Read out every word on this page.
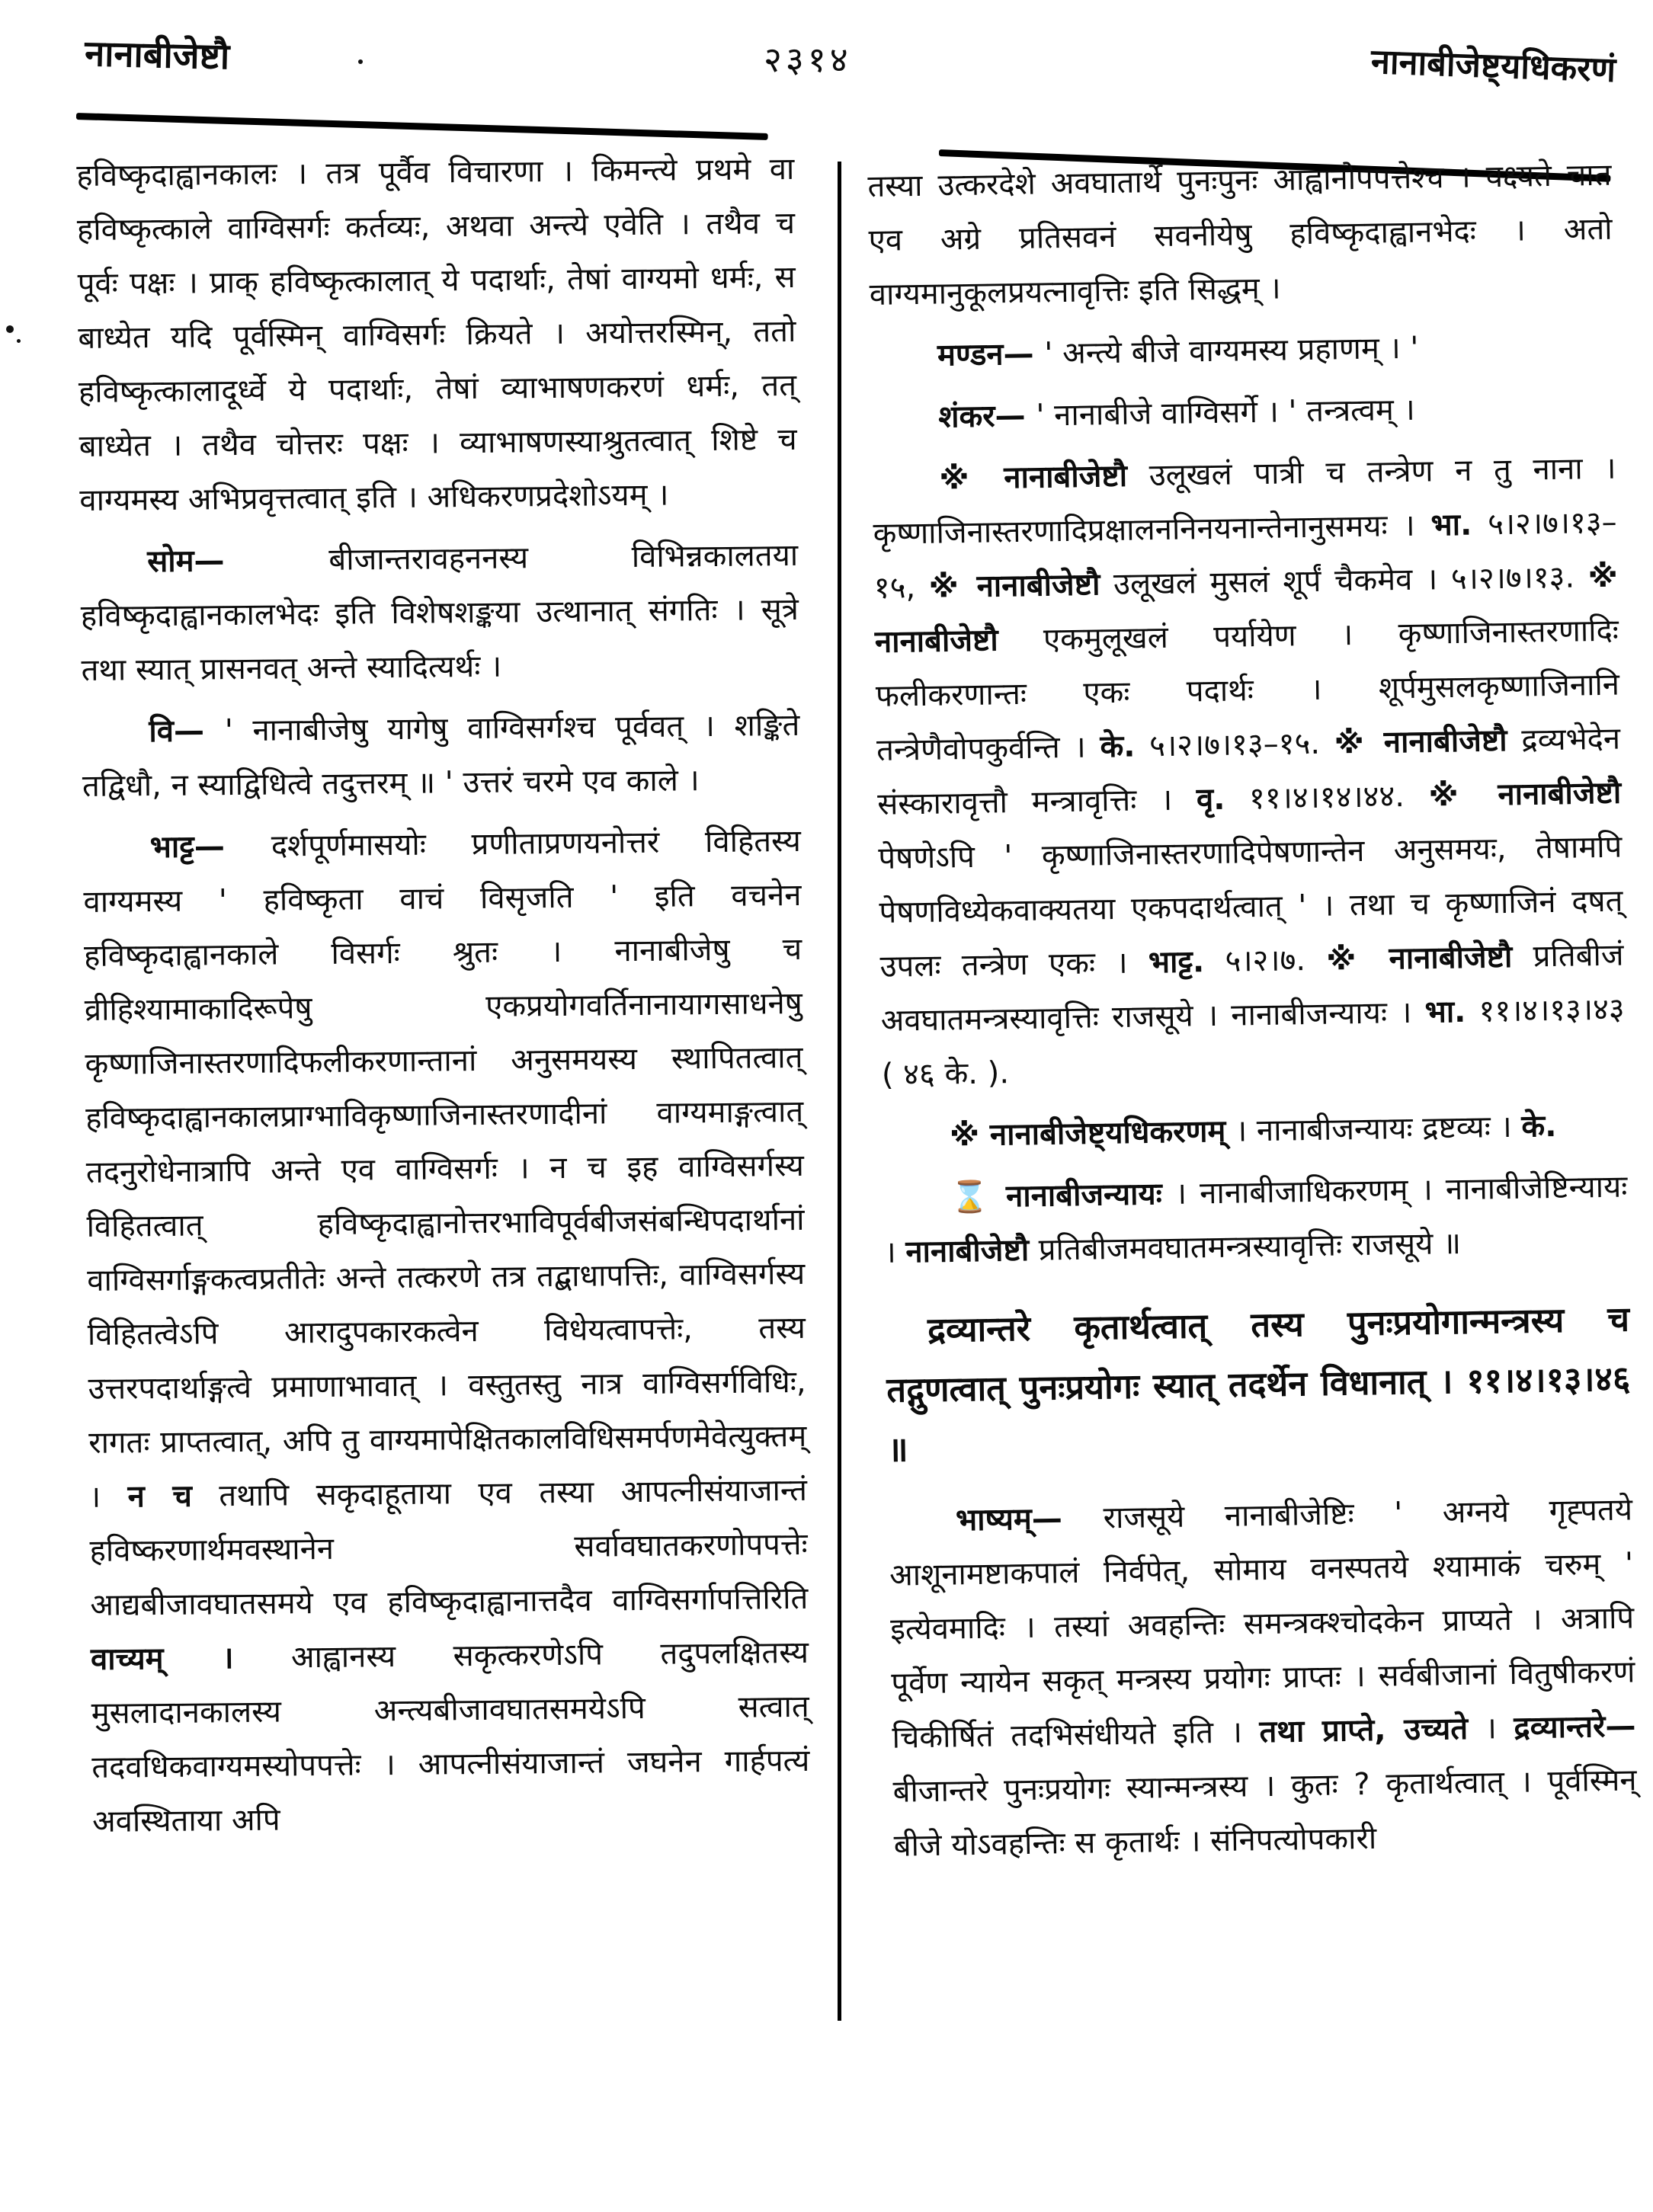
नानाबीजेष्टौ	२३१४	नानाबीजेष्ट्यधिकरणं

हविष्कृदाह्वानकालः । तत्र पूर्वैव विचारणा । किमन्त्ये प्रथमे वा हविष्कृत्काले वाग्विसर्गः कर्तव्यः, अथवा अन्त्ये एवेति । तथैव च पूर्वः पक्षः । प्राक् हविष्कृत्कालात् ये पदार्थाः, तेषां वाग्यमो धर्मः, स बाध्येत यदि पूर्वस्मिन् वाग्विसर्गः क्रियते । अयोत्तरस्मिन्, ततो हविष्कृत्कालादूर्ध्वे ये पदार्थाः, तेषां व्याभाषणकरणं धर्मः, तत् बाध्येत । तथैव चोत्तरः पक्षः । व्याभाषणस्याश्रुतत्वात् शिष्टे च वाग्यमस्य अभिप्रवृत्तत्वात् इति । अधिकरणप्रदेशोऽयम् ।

सोम— बीजान्तरावहननस्य विभिन्नकालतया हविष्कृदाह्वानकालभेदः इति विशेषशङ्कया उत्थानात् संगतिः । सूत्रे तथा स्यात् प्रासनवत् अन्ते स्यादित्यर्थः ।

वि— ' नानाबीजेषु यागेषु वाग्विसर्गश्च पूर्ववत् । शङ्किते तद्विधौ, न स्याद्विधित्वे तदुत्तरम् ॥ ' उत्तरं चरमे एव काले ।

भाट्ट— दर्शपूर्णमासयोः प्रणीताप्रणयनोत्तरं विहितस्य वाग्यमस्य ' हविष्कृता वाचं विसृजति ' इति वचनेन हविष्कृदाह्वानकाले विसर्गः श्रुतः । नानाबीजेषु च व्रीहिश्यामाकादिरूपेषु एकप्रयोगवर्तिनानायागसाधनेषु कृष्णाजिनास्तरणादिफलीकरणान्तानां अनुसमयस्य स्थापितत्वात् हविष्कृदाह्वानकालप्राग्भाविकृष्णाजिनास्तरणादीनां वाग्यमाङ्गत्वात् तदनुरोधेनात्रापि अन्ते एव वाग्विसर्गः । न च इह वाग्विसर्गस्य विहितत्वात् हविष्कृदाह्वानोत्तरभाविपूर्वबीजसंबन्धिपदार्थानां वाग्विसर्गाङ्गकत्वप्रतीतेः अन्ते तत्करणे तत्र तद्बाधापत्तिः, वाग्विसर्गस्य विहितत्वेऽपि आरादुपकारकत्वेन विधेयत्वापत्तेः, तस्य उत्तरपदार्थाङ्गत्वे प्रमाणाभावात् । वस्तुतस्तु नात्र वाग्विसर्गविधिः, रागतः प्राप्तत्वात्, अपि तु वाग्यमापेक्षितकालविधिसमर्पणमेवेत्युक्तम् । न च तथापि सकृदाहूताया एव तस्या आपत्नीसंयाजान्तं हविष्करणार्थमवस्थानेन सर्वावघातकरणोपपत्तेः आद्यबीजावघातसमये एव हविष्कृदाह्वानात्तदैव वाग्विसर्गापत्तिरिति वाच्यम् । आह्वानस्य सकृत्करणेऽपि तदुपलक्षितस्य मुसलादानकालस्य अन्त्यबीजावघातसमयेऽपि सत्वात् तदवधिकवाग्यमस्योपपत्तेः । आपत्नीसंयाजान्तं जघनेन गार्हपत्यं अवस्थिताया अपि

तस्या उत्करदेशे अवघातार्थे पुनःपुनः आह्वानोपपत्तेश्च । वक्ष्यते चात एव अग्रे प्रतिसवनं सवनीयेषु हविष्कृदाह्वानभेदः । अतो वाग्यमानुकूलप्रयत्नावृत्तिः इति सिद्धम् ।

मण्डन— ' अन्त्ये बीजे वाग्यमस्य प्रहाणम् । '

शंकर— ' नानाबीजे वाग्विसर्गे । ' तन्त्रत्वम् ।

※ नानाबीजेष्टौ उलूखलं पात्री च तन्त्रेण न तु नाना । कृष्णाजिनास्तरणादिप्रक्षालननिनयनान्तेनानुसमयः । भा. ५।२।७।१३–१५, ※ नानाबीजेष्टौ उलूखलं मुसलं शूर्पं चैकमेव । ५।२।७।१३. ※ नानाबीजेष्टौ एकमुलूखलं पर्यायेण । कृष्णाजिनास्तरणादिः फलीकरणान्तः एकः पदार्थः । शूर्पमुसलकृष्णाजिनानि तन्त्रेणैवोपकुर्वन्ति । के. ५।२।७।१३–१५. ※ नानाबीजेष्टौ द्रव्यभेदेन संस्कारावृत्तौ मन्त्रावृत्तिः । वृ. ११।४।१४।४४. ※ नानाबीजेष्टौ पेषणेऽपि ' कृष्णाजिनास्तरणादिपेषणान्तेन अनुसमयः, तेषामपि पेषणविध्येकवाक्यतया एकपदार्थत्वात् ' । तथा च कृष्णाजिनं दषत् उपलः तन्त्रेण एकः । भाट्ट. ५।२।७. ※ नानाबीजेष्टौ प्रतिबीजं अवघातमन्त्रस्यावृत्तिः राजसूये । नानाबीजन्यायः । भा. ११।४।१३।४३ ( ४६ के. ).

※ नानाबीजेष्ट्यधिकरणम् । नानाबीजन्यायः द्रष्टव्यः । के.

⌛ नानाबीजन्यायः । नानाबीजाधिकरणम् । नानाबीजेष्टिन्यायः । नानाबीजेष्टौ प्रतिबीजमवघातमन्त्रस्यावृत्तिः राजसूये ॥

द्रव्यान्तरे कृतार्थत्वात् तस्य पुनःप्रयोगान्मन्त्रस्य च तद्गुणत्वात् पुनःप्रयोगः स्यात् तदर्थेन विधानात् । ११।४।१३।४६ ॥

भाष्यम्— राजसूये नानाबीजेष्टिः ' अग्नये गृह्पतये आशूनामष्टाकपालं निर्वपेत्, सोमाय वनस्पतये श्यामाकं चरुम् ' इत्येवमादिः । तस्यां अवहन्तिः समन्त्रक्श्चोदकेन प्राप्यते । अत्रापि पूर्वेण न्यायेन सकृत् मन्त्रस्य प्रयोगः प्राप्तः । सर्वबीजानां वितुषीकरणं चिकीर्षितं तदभिसंधीयते इति । तथा प्राप्ते, उच्यते । द्रव्यान्तरे— बीजान्तरे पुनःप्रयोगः स्यान्मन्त्रस्य । कुतः ? कृतार्थत्वात् । पूर्वस्मिन् बीजे योऽवहन्तिः स कृतार्थः । संनिपत्योपकारी
